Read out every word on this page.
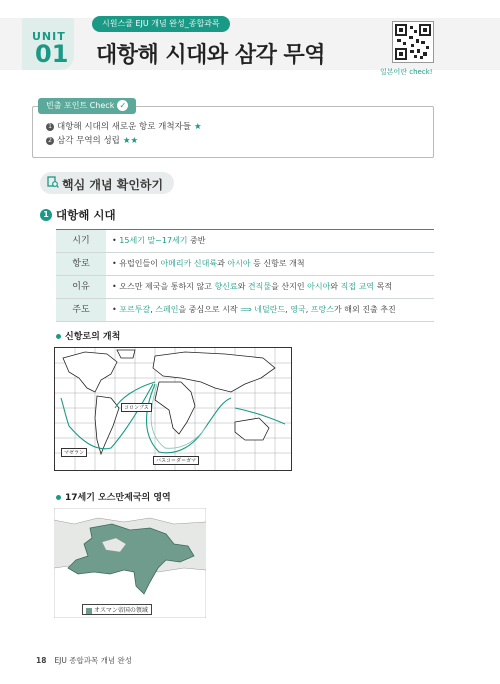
UNIT
01
시원스쿨 EJU 개념 완성_종합과목
대항해 시대와 삼각 무역
일본어란 check!
빈출 포인트 Check ✓
1 대항해 시대의 새로운 항로 개척자들 ★
2 삼각 무역의 성립 ★★
핵심 개념 확인하기
1 대항해 시대
시기	• 15세기 말~17세기 중반
항로	• 유럽인들이 아메리카 신대륙과 아시아 등 신항로 개척
이유	• 오스만 제국을 통하지 않고 향신료와 견직물을 산지인 아시아와 직접 교역 목적
주도	• 포르투갈, 스페인을 중심으로 시작 ⟹ 네덜란드, 영국, 프랑스가 해외 진출 추진
신항로의 개척
コロンブス
マゼラン
バスコ＝ダ＝ガマ
17세기 오스만제국의 영역
オスマン帝国の領域
18 EJU 종합과목 개념 완성
